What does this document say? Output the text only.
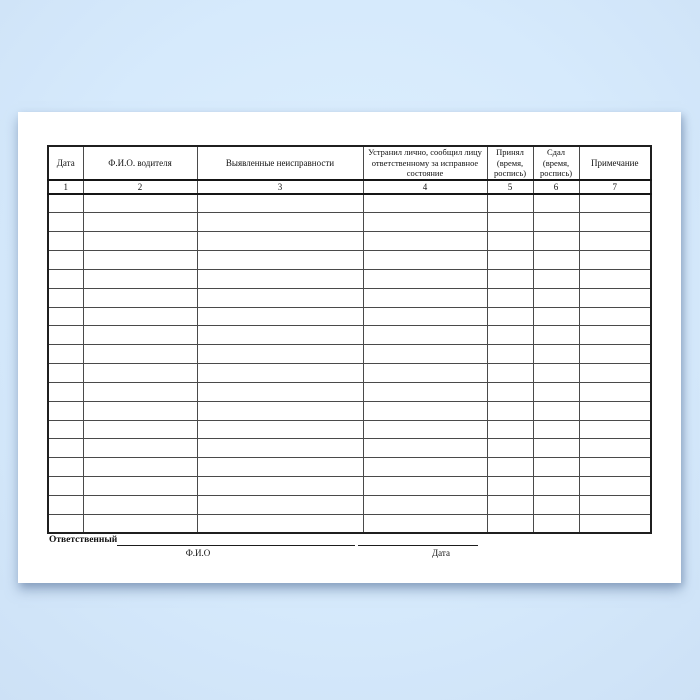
Дата	Ф.И.О. водителя	Выявленные неисправности	Устранил лично, сообщил лицу ответственному за исправное состояние	Принял (время, роспись)	Сдал (время, роспись)	Примечание
1	2	3	4	5	6	7

Ответственный
Ф.И.О	Дата
